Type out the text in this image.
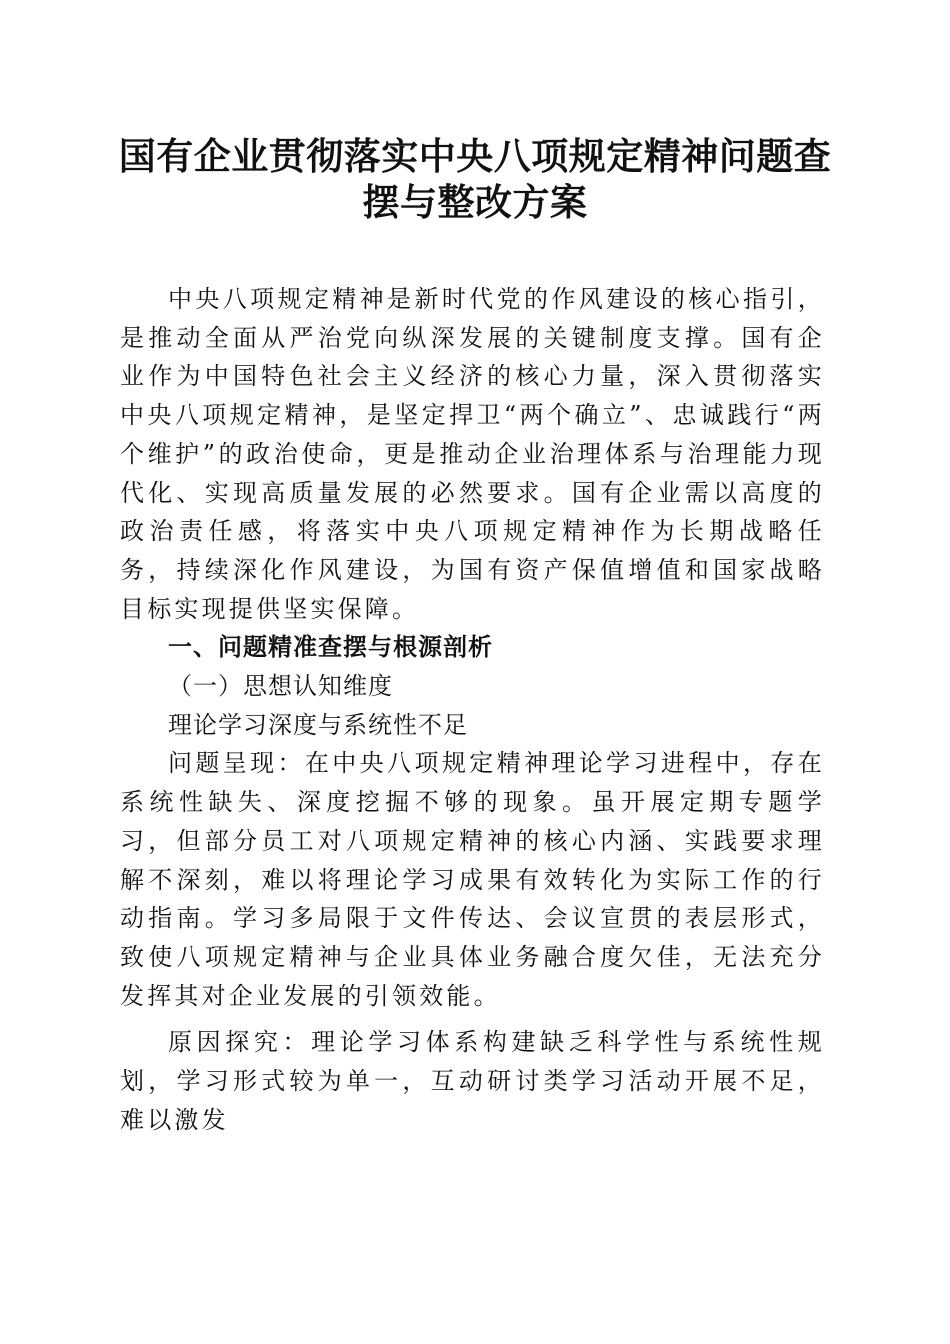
国有企业贯彻落实中央八项规定精神问题查摆与整改方案

中央八项规定精神是新时代党的作风建设的核心指引，是推动全面从严治党向纵深发展的关键制度支撑。国有企业作为中国特色社会主义经济的核心力量，深入贯彻落实中央八项规定精神，是坚定捍卫“两个确立”、忠诚践行“两个维护”的政治使命，更是推动企业治理体系与治理能力现代化、实现高质量发展的必然要求。国有企业需以高度的政治责任感，将落实中央八项规定精神作为长期战略任务，持续深化作风建设，为国有资产保值增值和国家战略目标实现提供坚实保障。

一、问题精准查摆与根源剖析

（一）思想认知维度

理论学习深度与系统性不足

问题呈现：在中央八项规定精神理论学习进程中，存在系统性缺失、深度挖掘不够的现象。虽开展定期专题学习，但部分员工对八项规定精神的核心内涵、实践要求理解不深刻，难以将理论学习成果有效转化为实际工作的行动指南。学习多局限于文件传达、会议宣贯的表层形式，致使八项规定精神与企业具体业务融合度欠佳，无法充分发挥其对企业发展的引领效能。

原因探究：理论学习体系构建缺乏科学性与系统性规划，学习形式较为单一，互动研讨类学习活动开展不足，难以激发
